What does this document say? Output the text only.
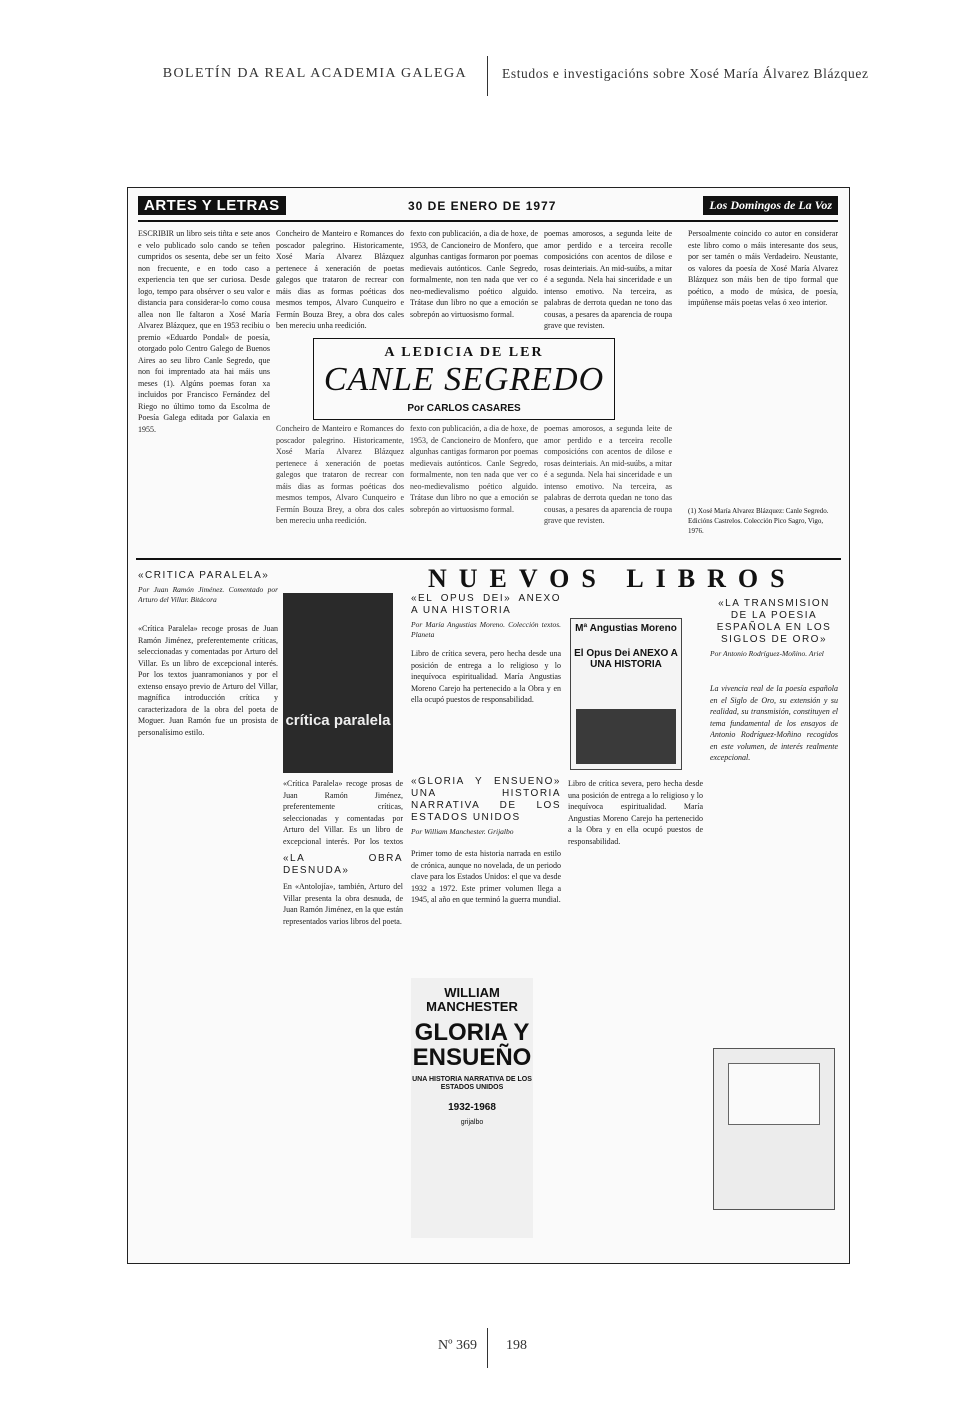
BOLETÍN DA REAL ACADEMIA GALEGA	Estudos e investigacións sobre Xosé María Álvarez Blázquez
ARTES Y LETRAS	30 DE ENERO DE 1977	Los Domingos de La Voz
ESCRIBIR un libro seis tiñta e sete anos e velo publicado solo cando se teñen cumpridos os sesenta, debe ser un feito non frecuente, e en todo caso a experiencia ten que ser curiosa. Desde logo, tempo para obsérver o seu valor e distancia para considerar-lo como cousa allea non lle faltaron a Xosé María Alvarez Blázquez, que en 1953 recibiu o premio «Eduardo Pondal» de poesía, otorgado polo Centro Galego de Buenos Aires ao seu libro Canle Segredo, que non foi imprentado ata hai máis uns meses (1). Algúns poemas foran xa incluidos por Francisco Fernández del Riego no último tomo da Escolma de Poesía Galega editada por Galaxia en 1955.
Concheiro de Manteiro e Romances do poscador palegrino. Historicamente, Xosé María Alvarez Blázquez pertenece á xeneración de poetas galegos que trataron de recrear con máis dias as formas poéticas dos mesmos tempos, Alvaro Cunqueiro e Fermín Bouza Brey, a obra dos cales ben mereciu unha reedición.
fexto con publicación, a dia de hoxe, de 1953, de Cancioneiro de Monfero, que algunhas cantigas formaron por poemas medievais autónticos. Canle Segredo, formalmente, non ten nada que ver co neo-medievalismo poético alguido. Trátase dun libro no que a emoción se sobrepón ao virtuosismo formal.
poemas amorosos, a segunda leite de amor perdido e a terceira recolle composicións con acentos de dilose e rosas deinteriais. An mid-suúbs, a mitar é a segunda. Nela hai sinceridade e un intenso emotivo. Na terceira, as palabras de derrota quedan ne tono das cousas, a pesares da aparencia de roupa grave que revisten.
Persoalmente coincido co autor en considerar este libro como o máis interesante dos seus, por ser tamén o máis Verdadeiro. Neustante, os valores da poesía de Xosé María Alvarez Blázquez son máis ben de tipo formal que poético, a modo de música, de poesía, impúñense máis poetas velas ó xeo interior.
Concheiro de Manteiro e Romances do poscador palegrino. Historicamente, Xosé María Alvarez Blázquez pertenece á xeneración de poetas galegos que trataron de recrear con máis dias as formas poéticas dos mesmos tempos, Alvaro Cunqueiro e Fermín Bouza Brey, a obra dos cales ben mereciu unha reedición.
fexto con publicación, a dia de hoxe, de 1953, de Cancioneiro de Monfero, que algunhas cantigas formaron por poemas medievais autónticos. Canle Segredo, formalmente, non ten nada que ver co neo-medievalismo poético alguido. Trátase dun libro no que a emoción se sobrepón ao virtuosismo formal.
poemas amorosos, a segunda leite de amor perdido e a terceira recolle composicións con acentos de dilose e rosas deinteriais. An mid-suúbs, a mitar é a segunda. Nela hai sinceridade e un intenso emotivo. Na terceira, as palabras de derrota quedan ne tono das cousas, a pesares da aparencia de roupa grave que revisten.
A LEDICIA DE LER
CANLE SEGREDO
Por CARLOS CASARES
(1) Xosé María Alvarez Blázquez: Canle Segredo. Edicións Castrelos. Colección Pico Sagro, Vigo, 1976.
NUEVOS LIBROS
«CRITICA PARALELA»
Por Juan Ramón Jiménez. Comentado por Arturo del Villar. Bitácora
«Crítica Paralela» recoge prosas de Juan Ramón Jiménez, preferentemente críticas, seleccionadas y comentadas por Arturo del Villar. Es un libro de excepcional interés. Por los textos juanramonianos y por el extenso ensayo previo de Arturo del Villar, magnífica introducción crítica y caracterizadora de la obra del poeta de Moguer. Juan Ramón fue un prosista de personalísimo estilo.
crítica paralela
«Crítica Paralela» recoge prosas de Juan Ramón Jiménez, preferentemente críticas, seleccionadas y comentadas por Arturo del Villar. Es un libro de excepcional interés. Por los textos
«LA OBRA DESNUDA»
En «Antolojía», también, Arturo del Villar presenta la obra desnuda, de Juan Ramón Jiménez, en la que están representados varios libros del poeta.
«EL OPUS DEI» ANEXO A UNA HISTORIA
Por María Angustias Moreno. Colección textos. Planeta
Libro de crítica severa, pero hecha desde una posición de entrega a lo religioso y lo inequívoca espiritualidad. María Angustias Moreno Carejo ha pertenecido a la Obra y en ella ocupó puestos de responsabilidad.
Mª Angustias Moreno
El Opus Dei ANEXO A UNA HISTORIA
«GLORIA Y ENSUEÑO» UNA HISTORIA NARRATIVA DE LOS ESTADOS UNIDOS
Por William Manchester. Grijalbo
Primer tomo de esta historia narrada en estilo de crónica, aunque no novelada, de un periodo clave para los Estados Unidos: el que va desde 1932 a 1972. Este primer volumen llega a 1945, al año en que terminó la guerra mundial.
WILLIAM MANCHESTER
GLORIA Y ENSUEÑO
UNA HISTORIA NARRATIVA DE LOS ESTADOS UNIDOS
1932-1968
grijalbo
Libro de crítica severa, pero hecha desde una posición de entrega a lo religioso y lo inequívoca espiritualidad. María Angustias Moreno Carejo ha pertenecido a la Obra y en ella ocupó puestos de responsabilidad.
«LA TRANSMISION DE LA POESIA ESPAÑOLA EN LOS SIGLOS DE ORO»
Por Antonio Rodríguez-Moñino. Ariel
La vivencia real de la poesía española en el Siglo de Oro, su extensión y su realidad, su transmisión, constituyen el tema fundamental de los ensayos de Antonio Rodríguez-Moñino recogidos en este volumen, de interés realmente excepcional.
Nº 369 198
